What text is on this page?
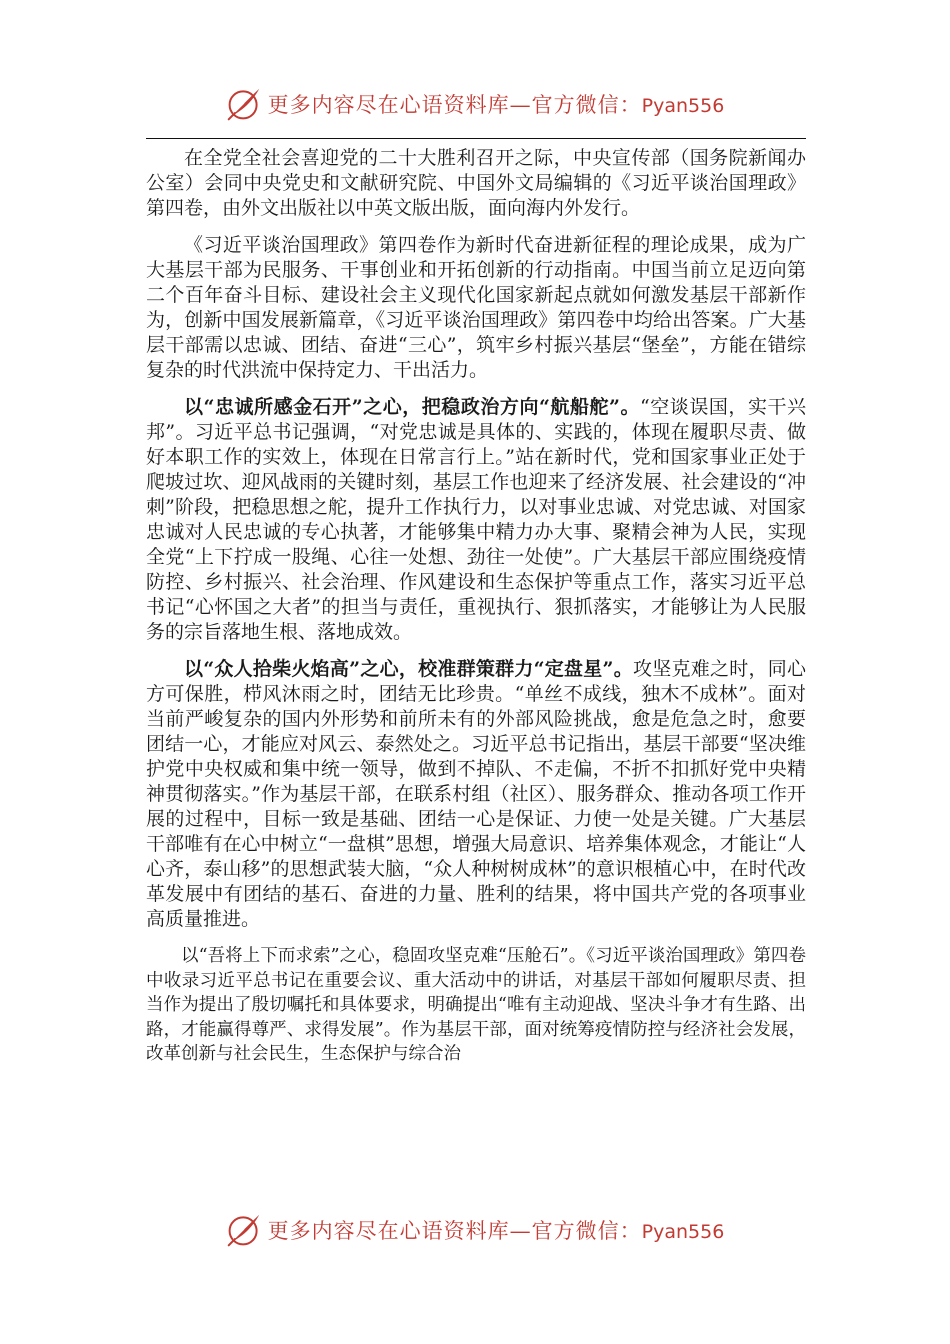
更多内容尽在心语资料库—官方微信：Pyan556

在全党全社会喜迎党的二十大胜利召开之际，中央宣传部（国务院新闻办公室）会同中央党史和文献研究院、中国外文局编辑的《习近平谈治国理政》第四卷，由外文出版社以中英文版出版，面向海内外发行。

《习近平谈治国理政》第四卷作为新时代奋进新征程的理论成果，成为广大基层干部为民服务、干事创业和开拓创新的行动指南。中国当前立足迈向第二个百年奋斗目标、建设社会主义现代化国家新起点就如何激发基层干部新作为，创新中国发展新篇章，《习近平谈治国理政》第四卷中均给出答案。广大基层干部需以忠诚、团结、奋进“三心”，筑牢乡村振兴基层“堡垒”，方能在错综复杂的时代洪流中保持定力、干出活力。

以“忠诚所感金石开”之心，把稳政治方向“航船舵”。“空谈误国，实干兴邦”。习近平总书记强调，“对党忠诚是具体的、实践的，体现在履职尽责、做好本职工作的实效上，体现在日常言行上。”站在新时代，党和国家事业正处于爬坡过坎、迎风战雨的关键时刻，基层工作也迎来了经济发展、社会建设的“冲刺”阶段，把稳思想之舵，提升工作执行力，以对事业忠诚、对党忠诚、对国家忠诚对人民忠诚的专心执著，才能够集中精力办大事、聚精会神为人民，实现全党“上下拧成一股绳、心往一处想、劲往一处使”。广大基层干部应围绕疫情防控、乡村振兴、社会治理、作风建设和生态保护等重点工作，落实习近平总书记“心怀国之大者”的担当与责任，重视执行、狠抓落实，才能够让为人民服务的宗旨落地生根、落地成效。

以“众人拾柴火焰高”之心，校准群策群力“定盘星”。攻坚克难之时，同心方可保胜，栉风沐雨之时，团结无比珍贵。“单丝不成线，独木不成林”。面对当前严峻复杂的国内外形势和前所未有的外部风险挑战，愈是危急之时，愈要团结一心，才能应对风云、泰然处之。习近平总书记指出，基层干部要“坚决维护党中央权威和集中统一领导，做到不掉队、不走偏，不折不扣抓好党中央精神贯彻落实。”作为基层干部，在联系村组（社区）、服务群众、推动各项工作开展的过程中，目标一致是基础、团结一心是保证、力使一处是关键。广大基层干部唯有在心中树立“一盘棋”思想，增强大局意识、培养集体观念，才能让“人心齐，泰山移”的思想武装大脑，“众人种树树成林”的意识根植心中，在时代改革发展中有团结的基石、奋进的力量、胜利的结果，将中国共产党的各项事业高质量推进。

以“吾将上下而求索”之心，稳固攻坚克难“压舱石”。《习近平谈治国理政》第四卷中收录习近平总书记在重要会议、重大活动中的讲话，对基层干部如何履职尽责、担当作为提出了殷切嘱托和具体要求，明确提出“唯有主动迎战、坚决斗争才有生路、出路，才能赢得尊严、求得发展”。作为基层干部，面对统筹疫情防控与经济社会发展，改革创新与社会民生，生态保护与综合治

更多内容尽在心语资料库—官方微信：Pyan556
